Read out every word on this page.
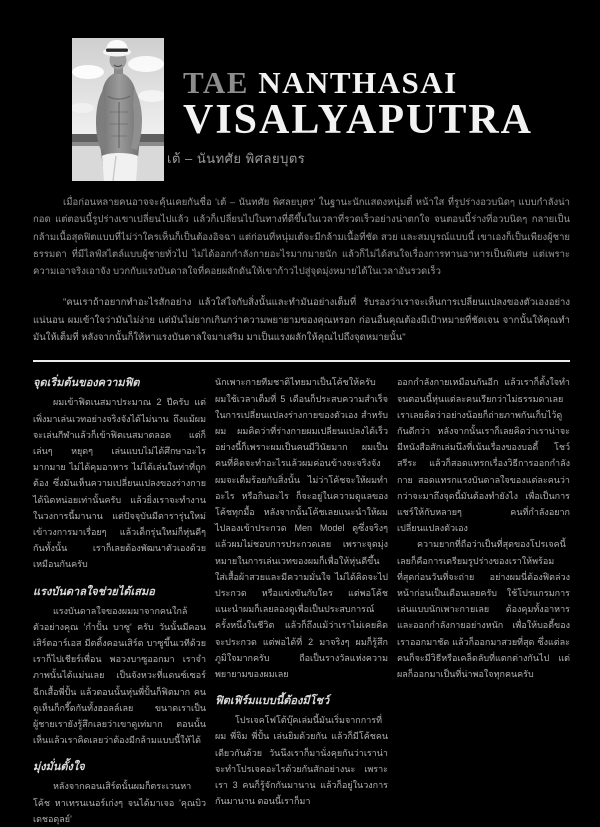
TAE NANTHASAI
VISALYAPUTRA
เต้ – นันทศัย พิศลยบุตร

เมื่อก่อนหลายคนอาจจะคุ้นเคยกันชื่อ 'เต้ – นันทศัย พิศลยบุตร' ในฐานะนักแสดงหนุ่มตี๋ หน้าใส ที่รูปร่างอวบนิดๆ แบบกำลังน่ากอด แต่ตอนนี้รูปร่างเขาเปลี่ยนไปแล้ว แล้วก็เปลี่ยนไปในทางที่ดีขึ้นในเวลาที่รวดเร็วอย่างน่าตกใจ จนตอนนี้ร่างที่อวบนิดๆ กลายเป็นกล้ามเนื้อสุดฟิตแบบที่ไม่ว่าใครเห็นก็เป็นต้องอิจฉา แต่ก่อนที่หนุ่มเต้จะมีกล้ามเนื้อที่ชัด สวย และสมบูรณ์แบบนี้ เขาเองก็เป็นเพียงผู้ชายธรรมดา ที่มีไลฟ์สไตล์แบบผู้ชายทั่วไป ไม่ได้ออกกำลังกายอะไรมากมายนัก แล้วก็ไม่ได้สนใจเรื่องการทานอาหารเป็นพิเศษ แต่เพราะความเอาจริงเอาจัง บวกกับแรงบันดาลใจที่คอยผลักดันให้เขาก้าวไปสู่จุดมุ่งหมายได้ในเวลาอันรวดเร็ว

"คนเราถ้าอยากทำอะไรสักอย่าง แล้วใส่ใจกับสิ่งนั้นและทำมันอย่างเต็มที่ รับรองว่าเราจะเห็นการเปลี่ยนแปลงของตัวเองอย่างแน่นอน ผมเข้าใจว่ามันไม่ง่าย แต่มันไม่ยากเกินกว่าความพยายามของคุณหรอก ก่อนอื่นคุณต้องมีเป้าหมายที่ชัดเจน จากนั้นให้คุณทำมันให้เต็มที่ หลังจากนั้นก็ให้หาแรงบันดาลใจมาเสริม มาเป็นแรงผลักให้คุณไปถึงจุดหมายนั้น"

จุดเริ่มต้นของความฟิต

ผมเข้าฟิตเนสมาประมาณ 2 ปีครับ แต่เพิ่งมาเล่นเวทอย่างจริงจังได้ไม่นาน ถึงแม้ผมจะเล่นกีฬาแล้วก็เข้าฟิตเนสมาตลอด แต่ก็เล่นๆ หยุดๆ เล่นแบบไม่ได้ศึกษาอะไรมากมาย ไม่ได้คุมอาหาร ไม่ได้เล่นในท่าที่ถูกต้อง ซึ่งมันเห็นความเปลี่ยนแปลงของร่างกายได้นิดหน่อยเท่านั้นครับ แล้วยิ่งเราจะทำงานในวงการนี้มานาน แต่ปัจจุบันมีดารารุ่นใหม่เข้าวงการมาเรื่อยๆ แล้วเด็กรุ่นใหม่ก็หุ่นดีๆ กันทั้งนั้น เราก็เลยต้องพัฒนาตัวเองด้วยเหมือนกันครับ

แรงบันดาลใจช่วยได้เสมอ

แรงบันดาลใจของผมมาจากคนใกล้ตัวอย่างคุณ 'กำปั้น บาซู' ครับ วันนั้นมีคอนเสิร์ตอาร์เอส มีตติ้งคอนเสิร์ต บาซูขึ้นเวทีด้วย เราก็ไปเชียร์เพื่อน พอวงบาซูออกมา เราจำภาพนั้นได้แม่นเลย เป็นจังหวะที่แดนซ์เซอร์ฉีกเสื้อพี่ปั้น แล้วตอนนั้นหุ่นพี่ปั้นก็ฟิตมาก คนดูเห็นก็กรี๊ดกันทั้งฮอลล์เลย ขนาดเราเป็นผู้ชายเรายังรู้สึกเลยว่าเขาดูเท่มาก ตอนนั้นเห็นแล้วเราคิดเลยว่าต้องมีกล้ามแบบนี้ให้ได้

มุ่งมั่นตั้งใจ

หลังจากคอนเสิร์ตนั้นผมก็ตระเวนหาโค้ช หาเทรนเนอร์เก่งๆ จนได้มาเจอ 'คุณบิว เดชอดุลย์'

นักเพาะกายทีมชาติไทยมาเป็นโค้ชให้ครับ ผมใช้เวลาเต็มที่ 5 เดือนก็ประสบความสำเร็จในการเปลี่ยนแปลงร่างกายของตัวเอง สำหรับผม ผมคิดว่าที่ร่างกายผมเปลี่ยนแปลงได้เร็วอย่างนี้ก็เพราะผมเป็นคนมีวินัยมาก ผมเป็นคนที่คิดจะทำอะไรแล้วผมค่อนข้างจะจริงจัง ผมจะเต็มร้อยกับสิ่งนั้น ไม่ว่าโค้ชจะให้ผมทำอะไร หรือกินอะไร ก็จะอยู่ในความดูแลของโค้ชทุกมื้อ หลังจากนั้นโค้ชเลยแนะนำให้ผมไปลองเข้าประกวด Men Model ดูซึ่งจริงๆ แล้วผมไม่ชอบการประกวดเลย เพราะจุดมุ่งหมายในการเล่นเวทของผมก็เพื่อให้หุ่นดีขึ้น ใส่เสื้อผ้าสวยและมีความมั่นใจ ไม่ได้คิดจะไปประกวด หรือแข่งขันกับใคร แต่พอโค้ชแนะนำผมก็เลยลองดูเพื่อเป็นประสบการณ์ครั้งหนึ่งในชีวิต แล้วก็ถึงแม้ว่าเราไม่เคยคิดจะประกวด แต่พอได้ที่ 2 มาจริงๆ ผมก็รู้สึกภูมิใจมากครับ ถือเป็นรางวัลแห่งความพยายามของผมเลย

ฟิตเฟิร์มแบบนี้ต้องมีโชว์

โปรเจคโฟโต้บุ๊คเล่มนี้มันเริ่มจากการที่ผม พี่จิม พี่ปั้น เล่นยิมด้วยกัน แล้วก็มีโค้ชคนเดียวกันด้วย วันนึงเราก็มานั่งคุยกันว่าเราน่าจะทำโปรเจคอะไรด้วยกันสักอย่างนะ เพราะเรา 3 คนก็รู้จักกันมานาน แล้วก็อยู่ในวงการกันมานาน ตอนนี้เราก็มา

ออกกำลังกายเหมือนกันอีก แล้วเราก็ตั้งใจทำจนตอนนี้หุ่นแต่ละคนเรียกว่าไม่ธรรมดาเลย เราเลยคิดว่าอย่างน้อยก็ถ่ายภาพกันเก็บไว้ดูกันดีกว่า หลังจากนั้นเราก็เลยคิดว่าเราน่าจะมีหนังสือสักเล่มนึงที่เน้นเรื่องของบอดี้ โชว์สรีระ แล้วก็สอดแทรกเรื่องวิธีการออกกำลังกาย สอดแทรกแรงบันดาลใจของแต่ละคนว่ากว่าจะมาถึงจุดนี้มันต้องทำยังไง เพื่อเป็นการแชร์ให้กับหลายๆ คนที่กำลังอยากเปลี่ยนแปลงตัวเอง

ความยากที่ถือว่าเป็นที่สุดของโปรเจคนี้เลยก็คือการเตรียมรูปร่างของเราให้พร้อมที่สุดก่อนวันที่จะถ่าย อย่างผมนี่ต้องฟิตล่วงหน้าก่อนเป็นเดือนเลยครับ ใช้โปรแกรมการเล่นแบบนักเพาะกายเลย ต้องคุมทั้งอาหารและออกกำลังกายอย่างหนัก เพื่อให้บอดี้ของเราออกมาชัด แล้วก็ออกมาสวยที่สุด ซึ่งแต่ละคนก็จะมีวิธีหรือเคล็ดลับที่แตกต่างกันไป แต่ผลก็ออกมาเป็นที่น่าพอใจทุกคนครับ
